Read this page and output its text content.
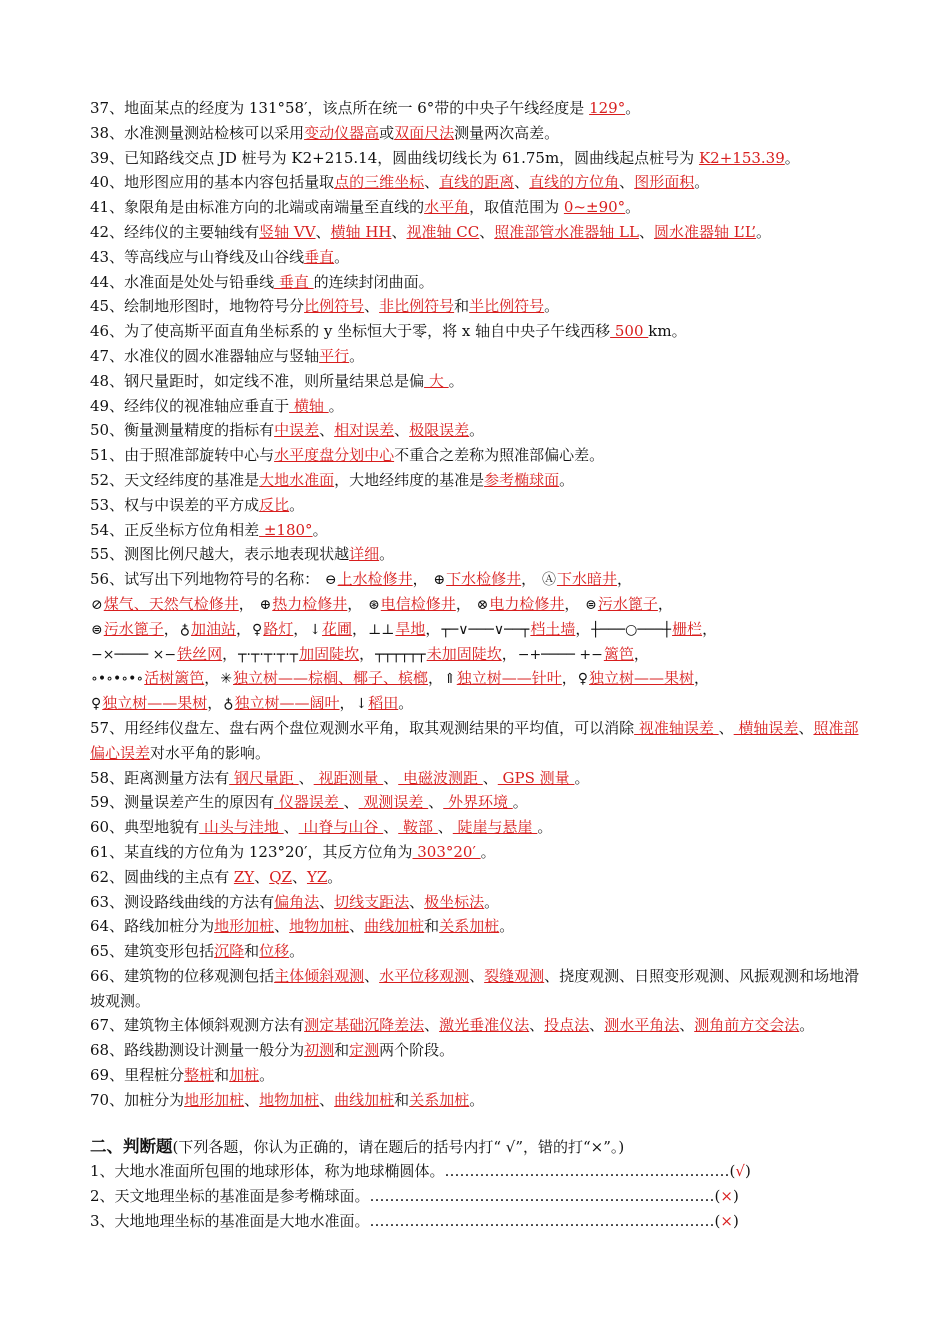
37、地面某点的经度为 131°58′，该点所在统一 6°带的中央子午线经度是 129°。
38、水准测量测站检核可以采用变动仪器高或双面尺法测量两次高差。
39、已知路线交点 JD 桩号为 K2+215.14，圆曲线切线长为 61.75m，圆曲线起点桩号为 K2+153.39。
40、地形图应用的基本内容包括量取点的三维坐标、直线的距离、直线的方位角、图形面积。
41、象限角是由标准方向的北端或南端量至直线的水平角，取值范围为 0~±90°。
42、经纬仪的主要轴线有竖轴 VV、横轴 HH、视准轴 CC、照准部管水准器轴 LL、圆水准器轴 L’L’。
43、等高线应与山脊线及山谷线垂直。
44、水准面是处处与铅垂线 垂直 的连续封闭曲面。
45、绘制地形图时，地物符号分比例符号、非比例符号和半比例符号。
46、为了使高斯平面直角坐标系的 y 坐标恒大于零，将 x 轴自中央子午线西移 500 km。
47、水准仪的圆水准器轴应与竖轴平行。
48、钢尺量距时，如定线不准，则所量结果总是偏 大 。
49、经纬仪的视准轴应垂直于 横轴 。
50、衡量测量精度的指标有中误差、相对误差、极限误差。
51、由于照准部旋转中心与水平度盘分划中心不重合之差称为照准部偏心差。
52、天文经纬度的基准是大地水准面，大地经纬度的基准是参考椭球面。
53、权与中误差的平方成反比。
54、正反坐标方位角相差 ±180°。
55、测图比例尺越大，表示地表现状越详细。
56、试写出下列地物符号的名称： ⊖上水检修井， ⊕下水检修井， Ⓐ下水暗井，
⊘煤气、天然气检修井， ⊕热力检修井， ⊛电信检修井， ⊗电力检修井， ⊜污水篦子，
⊜污水篦子，♁加油站，♀路灯，↓花圃，⊥⊥旱地，┬─∨───∨──┬档土墙，┼───○───┼栅栏，
−×──── ×−铁丝网，┬·┬·┬·┬·┬加固陡坎，┬┬┬┬┬┬未加固陡坎，−+──── +−篱笆，
∘•∘•∘•∘活树篱笆，✳独立树——棕榈、椰子、槟榔，⇑独立树——针叶，♀独立树——果树，
♀独立树——果树，♁独立树——阔叶，↓稻田。
57、用经纬仪盘左、盘右两个盘位观测水平角，取其观测结果的平均值，可以消除 视准轴误差 、 横轴误差、照准部偏心误差对水平角的影响。
58、距离测量方法有 钢尺量距 、 视距测量 、 电磁波测距 、 GPS 测量 。
59、测量误差产生的原因有 仪器误差 、 观测误差 、 外界环境 。
60、典型地貌有 山头与洼地 、 山脊与山谷 、 鞍部 、 陡崖与悬崖 。
61、某直线的方位角为 123°20′，其反方位角为 303°20′ 。
62、圆曲线的主点有 ZY、QZ、YZ。
63、测设路线曲线的方法有偏角法、切线支距法、极坐标法。
64、路线加桩分为地形加桩、地物加桩、曲线加桩和关系加桩。
65、建筑变形包括沉降和位移。
66、建筑物的位移观测包括主体倾斜观测、水平位移观测、裂缝观测、挠度观测、日照变形观测、风振观测和场地滑坡观测。
67、建筑物主体倾斜观测方法有测定基础沉降差法、激光垂准仪法、投点法、测水平角法、测角前方交会法。
68、路线勘测设计测量一般分为初测和定测两个阶段。
69、里程桩分整桩和加桩。
70、加桩分为地形加桩、地物加桩、曲线加桩和关系加桩。
二、判断题(下列各题，你认为正确的，请在题后的括号内打“ √”，错的打“×”。)
1、大地水准面所包围的地球形体，称为地球椭圆体。…………………………………………………(√)
2、天文地理坐标的基准面是参考椭球面。……………………………………………………………(×)
3、大地地理坐标的基准面是大地水准面。……………………………………………………………(×)
